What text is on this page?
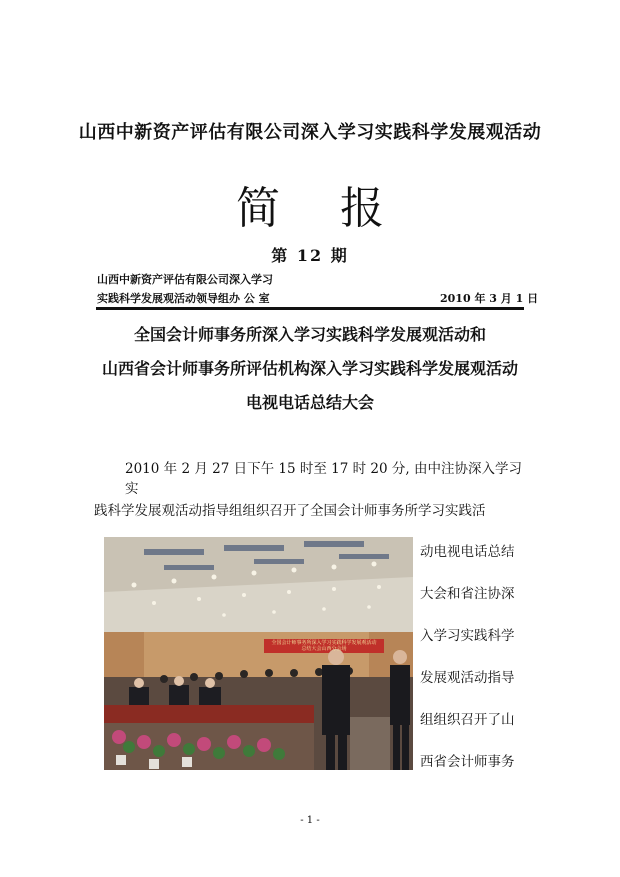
山西中新资产评估有限公司深入学习实践科学发展观活动
简报
第 12 期
山西中新资产评估有限公司深入学习
实践科学发展观活动领导组办 公 室	2010 年 3 月 1 日
全国会计师事务所深入学习实践科学发展观活动和
山西省会计师事务所评估机构深入学习实践科学发展观活动
电视电话总结大会
2010 年 2 月 27 日下午 15 时至 17 时 20 分, 由中注协深入学习实
践科学发展观活动指导组组织召开了全国会计师事务所学习实践活
全国会计师事务所深入学习实践科学发展观活动
总结大会山西分会场
动电视电话总结
大会和省注协深
入学习实践科学
发展观活动指导
组组织召开了山
西省会计师事务
- 1 -
